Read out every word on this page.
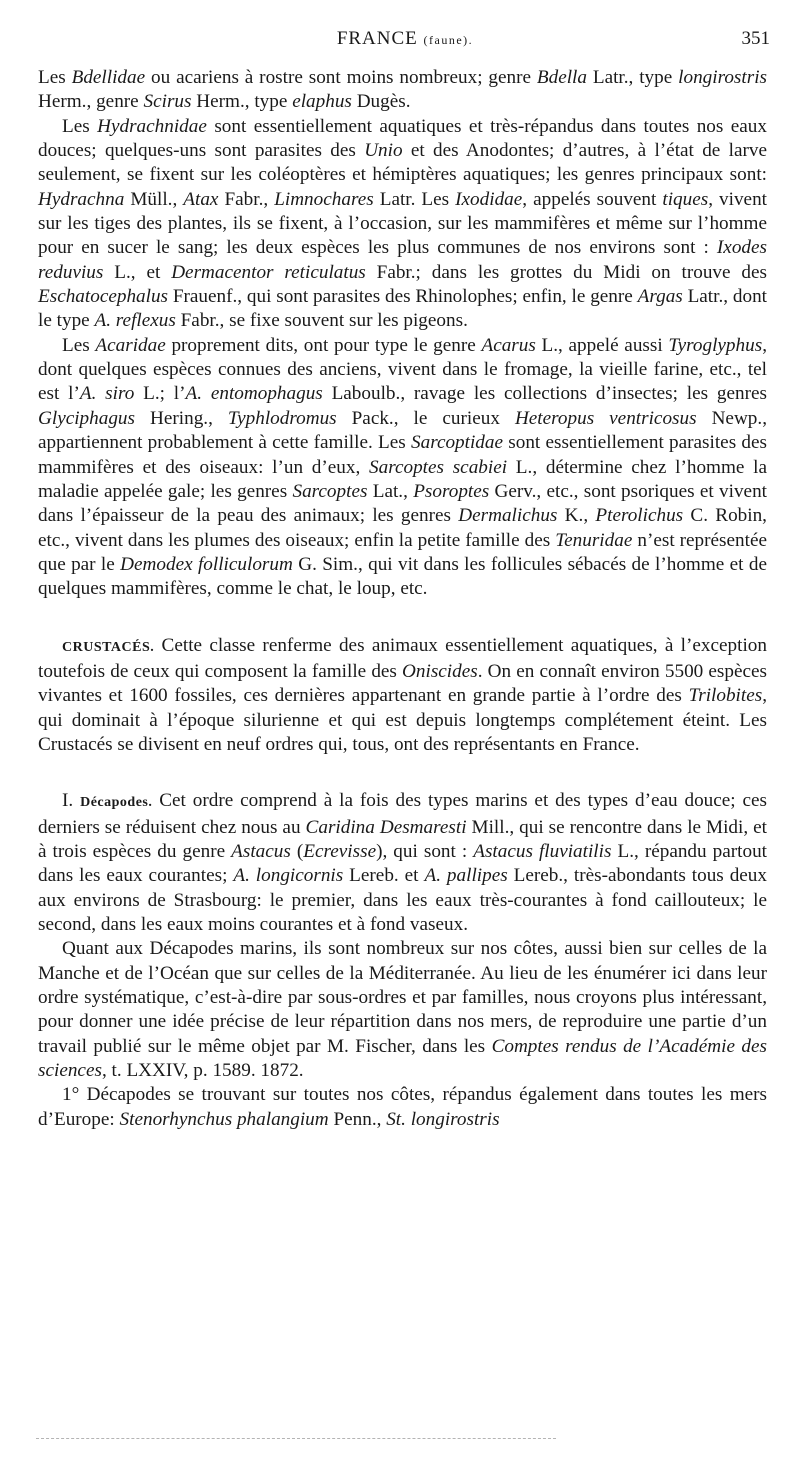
FRANCE (faune).	351

Les Bdellidae ou acariens à rostre sont moins nombreux; genre Bdella Latr., type longirostris Herm., genre Scirus Herm., type elaphus Dugès.

Les Hydrachnidae sont essentiellement aquatiques et très-répandus dans toutes nos eaux douces; quelques-uns sont parasites des Unio et des Anodontes; d’autres, à l’état de larve seulement, se fixent sur les coléoptères et hémiptères aquatiques; les genres principaux sont: Hydrachna Müll., Atax Fabr., Limnochares Latr. Les Ixodidae, appelés souvent tiques, vivent sur les tiges des plantes, ils se fixent, à l’occasion, sur les mammifères et même sur l’homme pour en sucer le sang; les deux espèces les plus communes de nos environs sont : Ixodes reduvius L., et Dermacentor reticulatus Fabr.; dans les grottes du Midi on trouve des Eschatocephalus Frauenf., qui sont parasites des Rhinolophes; enfin, le genre Argas Latr., dont le type A. reflexus Fabr., se fixe souvent sur les pigeons.

Les Acaridae proprement dits, ont pour type le genre Acarus L., appelé aussi Tyroglyphus, dont quelques espèces connues des anciens, vivent dans le fromage, la vieille farine, etc., tel est l’A. siro L.; l’A. entomophagus Laboulb., ravage les collections d’insectes; les genres Glyciphagus Hering., Typhlodromus Pack., le curieux Heteropus ventricosus Newp., appartiennent probablement à cette famille. Les Sarcoptidae sont essentiellement parasites des mammifères et des oiseaux: l’un d’eux, Sarcoptes scabiei L., détermine chez l’homme la maladie appelée gale; les genres Sarcoptes Lat., Psoroptes Gerv., etc., sont psoriques et vivent dans l’épaisseur de la peau des animaux; les genres Dermalichus K., Pterolichus C. Robin, etc., vivent dans les plumes des oiseaux; enfin la petite famille des Tenuridae n’est représentée que par le Demodex folliculorum G. Sim., qui vit dans les follicules sébacés de l’homme et de quelques mammifères, comme le chat, le loup, etc.

CRUSTACÉS. Cette classe renferme des animaux essentiellement aquatiques, à l’exception toutefois de ceux qui composent la famille des Oniscides. On en connaît environ 5500 espèces vivantes et 1600 fossiles, ces dernières appartenant en grande partie à l’ordre des Trilobites, qui dominait à l’époque silurienne et qui est depuis longtemps complétement éteint. Les Crustacés se divisent en neuf ordres qui, tous, ont des représentants en France.

I. Décapodes. Cet ordre comprend à la fois des types marins et des types d’eau douce; ces derniers se réduisent chez nous au Caridina Desmaresti Mill., qui se rencontre dans le Midi, et à trois espèces du genre Astacus (Ecrevisse), qui sont : Astacus fluviatilis L., répandu partout dans les eaux courantes; A. longicornis Lereb. et A. pallipes Lereb., très-abondants tous deux aux environs de Strasbourg: le premier, dans les eaux très-courantes à fond caillouteux; le second, dans les eaux moins courantes et à fond vaseux.

Quant aux Décapodes marins, ils sont nombreux sur nos côtes, aussi bien sur celles de la Manche et de l’Océan que sur celles de la Méditerranée. Au lieu de les énumérer ici dans leur ordre systématique, c’est-à-dire par sous-ordres et par familles, nous croyons plus intéressant, pour donner une idée précise de leur répartition dans nos mers, de reproduire une partie d’un travail publié sur le même objet par M. Fischer, dans les Comptes rendus de l’Académie des sciences, t. LXXIV, p. 1589. 1872.

1° Décapodes se trouvant sur toutes nos côtes, répandus également dans toutes les mers d’Europe: Stenorhynchus phalangium Penn., St. longirostris
